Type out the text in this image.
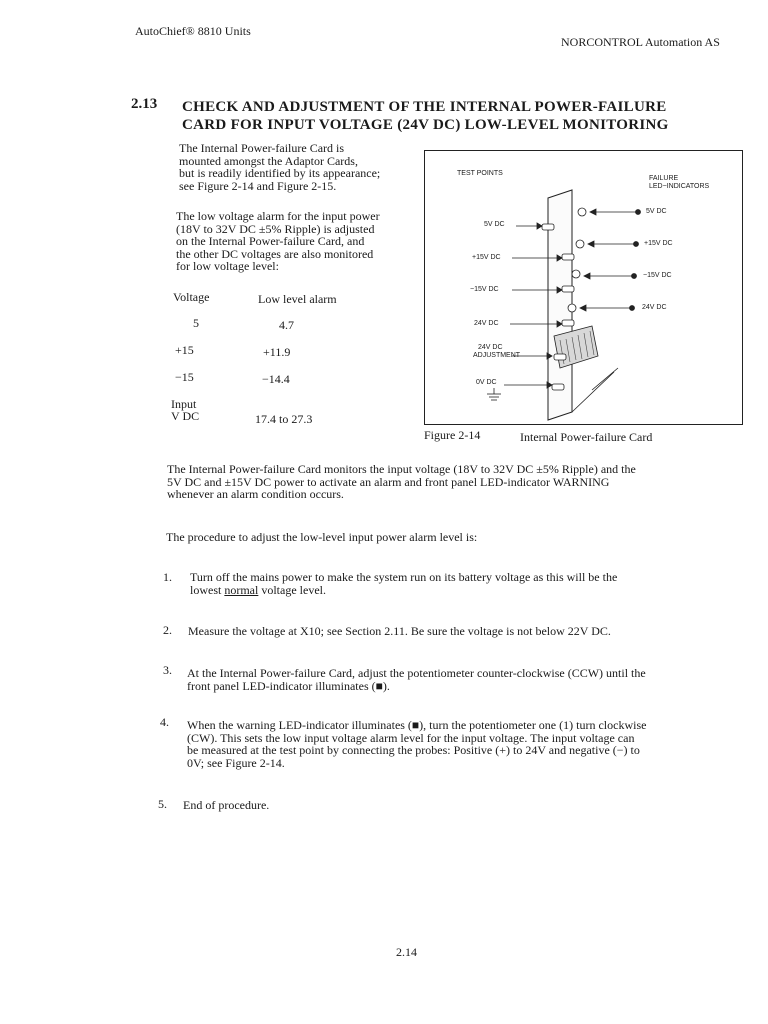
AutoChief® 8810 Units
NORCONTROL Automation AS
2.13 CHECK AND ADJUSTMENT OF THE INTERNAL POWER-FAILURE
CARD FOR INPUT VOLTAGE (24V DC) LOW-LEVEL MONITORING
The Internal Power-failure Card is
mounted amongst the Adaptor Cards,
but is readily identified by its appearance;
see Figure 2-14 and Figure 2-15.
The low voltage alarm for the input power
(18V to 32V DC ±5% Ripple) is adjusted
on the Internal Power-failure Card, and
the other DC voltages are also monitored
for low voltage level:
Voltage	Low level alarm
5	4.7
+15	+11.9
−15	−14.4
Input
V DC	17.4 to 27.3
TEST POINTS
FAILURE
LED−INDICATORS
5V DC
+15V DC
−15V DC
24V DC
24V DC
ADJUSTMENT
0V DC
5V DC
+15V DC
−15V DC
24V DC
Figure 2-14	Internal Power-failure Card
The Internal Power-failure Card monitors the input voltage (18V to 32V DC ±5% Ripple) and the
5V DC and ±15V DC power to activate an alarm and front panel LED-indicator WARNING
whenever an alarm condition occurs.
The procedure to adjust the low-level input power alarm level is:
1. Turn off the mains power to make the system run on its battery voltage as this will be the
lowest normal voltage level.
2. Measure the voltage at X10; see Section 2.11. Be sure the voltage is not below 22V DC.
3. At the Internal Power-failure Card, adjust the potentiometer counter-clockwise (CCW) until the
front panel LED-indicator illuminates (■).
4. When the warning LED-indicator illuminates (■), turn the potentiometer one (1) turn clockwise
(CW). This sets the low input voltage alarm level for the input voltage. The input voltage can
be measured at the test point by connecting the probes: Positive (+) to 24V and negative (−) to
0V; see Figure 2-14.
5. End of procedure.
2.14
